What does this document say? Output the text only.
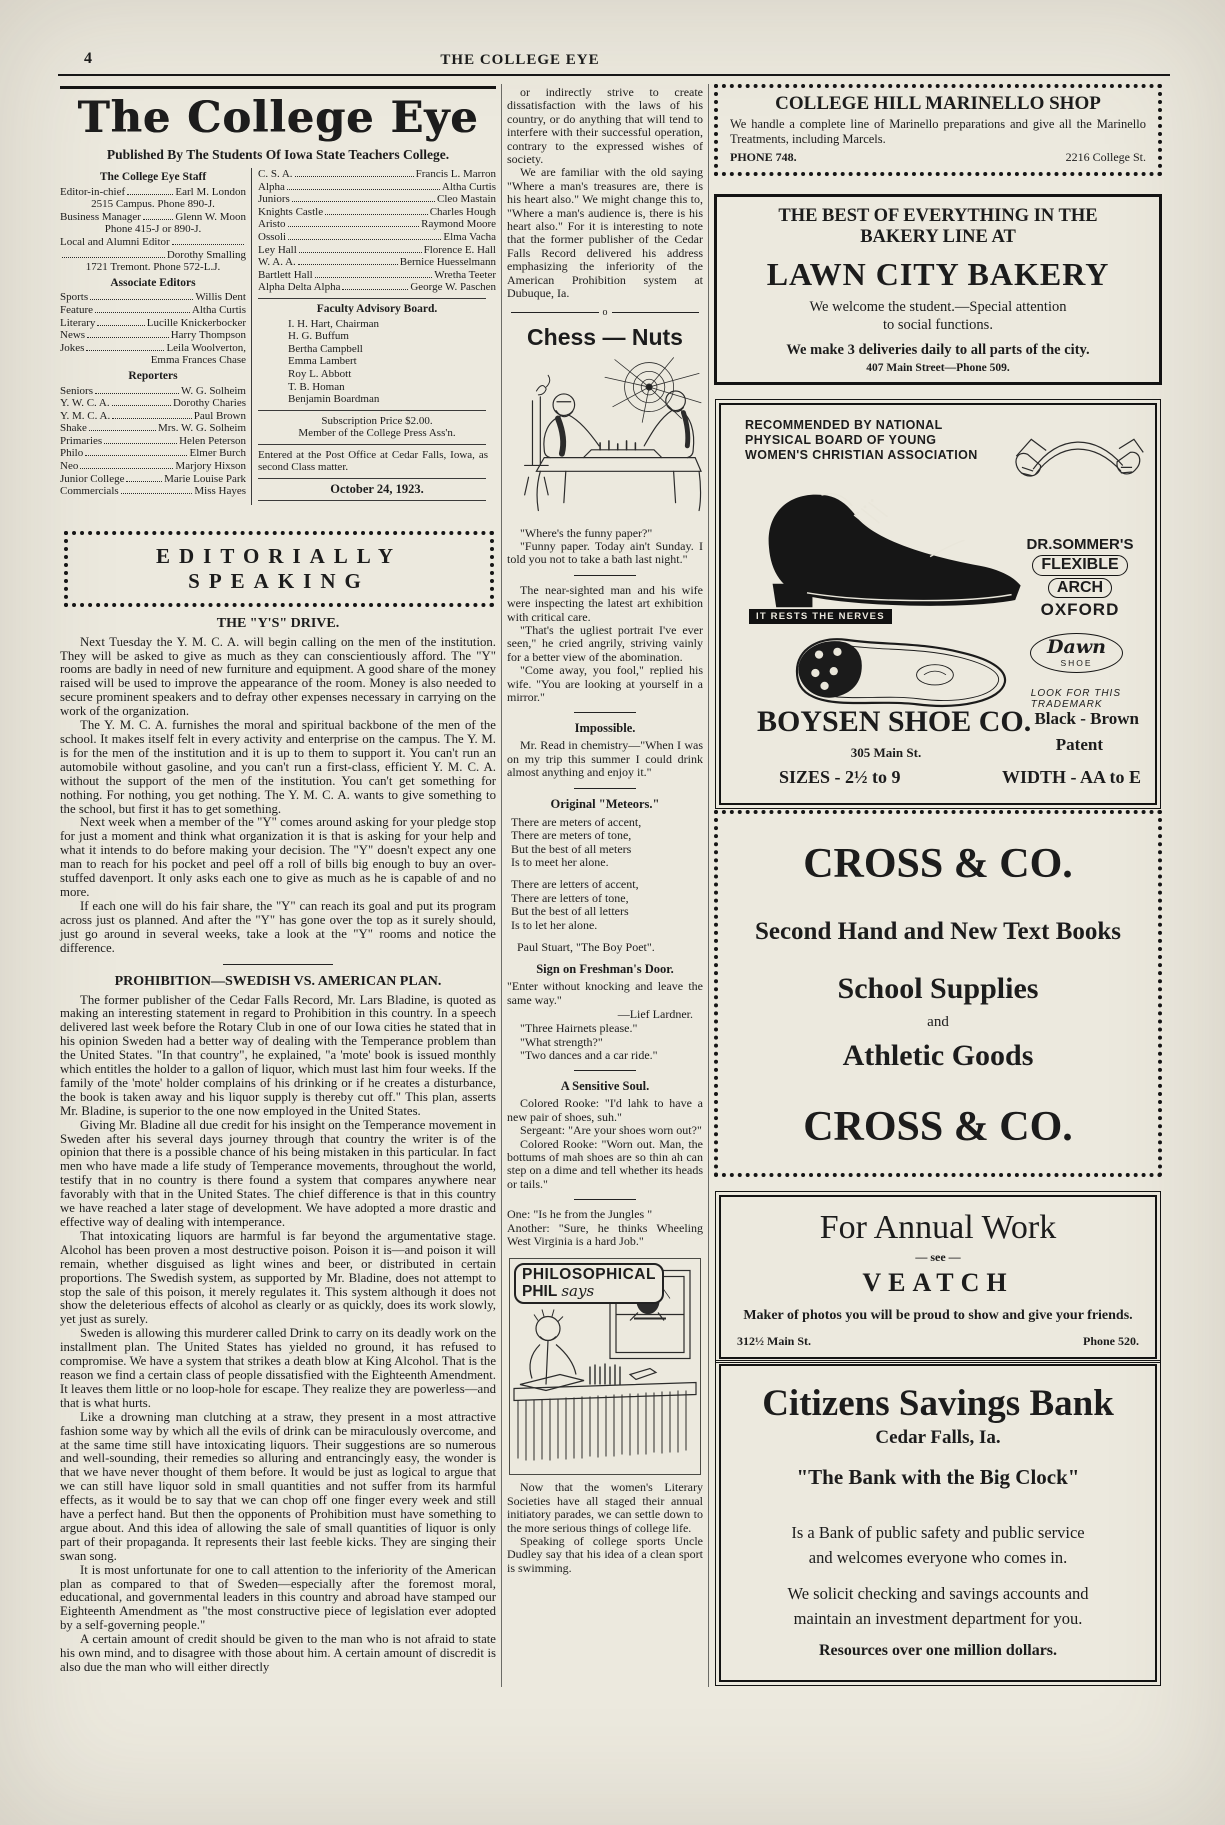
4	THE COLLEGE EYE
The College Eye
Published By The Students Of Iowa State Teachers College.
The College Eye Staff
Editor-in-chief	Earl M. London
2515 Campus. Phone 890-J.
Business Manager	Glenn W. Moon
Phone 415-J or 890-J.
Local and Alumni Editor
Dorothy Smalling
1721 Tremont. Phone 572-L.J.
Associate Editors
Sports	Willis Dent
Feature	Altha Curtis
Literary	Lucille Knickerbocker
News	Harry Thompson
Jokes	Leila Woolverton,
Emma Frances Chase
Reporters
Seniors	W. G. Solheim
Y. W. C. A.	Dorothy Charies
Y. M. C. A.	Paul Brown
Shake	Mrs. W. G. Solheim
Primaries	Helen Peterson
Philo	Elmer Burch
Neo	Marjory Hixson
Junior College	Marie Louise Park
Commercials	Miss Hayes
C. S. A.	Francis L. Marron
Alpha	Altha Curtis
Juniors	Cleo Mastain
Knights Castle	Charles Hough
Aristo	Raymond Moore
Ossoli	Elma Vacha
Ley Hall	Florence E. Hall
W. A. A.	Bernice Huesselmann
Bartlett Hall	Wretha Teeter
Alpha Delta Alpha	George W. Paschen
Faculty Advisory Board.
I. H. Hart, Chairman
H. G. Buffum
Bertha Campbell
Emma Lambert
Roy L. Abbott
T. B. Homan
Benjamin Boardman
Subscription Price $2.00.
Member of the College Press Ass'n.
Entered at the Post Office at Cedar Falls, Iowa, as second Class matter.
October 24, 1923.
EDITORIALLY SPEAKING
THE "Y'S" DRIVE.

Next Tuesday the Y. M. C. A. will begin calling on the men of the institution. They will be asked to give as much as they can conscientiously afford. The "Y" rooms are badly in need of new furniture and equipment. A good share of the money raised will be used to improve the appearance of the room. Money is also needed to secure prominent speakers and to defray other expenses necessary in carrying on the work of the organization.

The Y. M. C. A. furnishes the moral and spiritual backbone of the men of the school. It makes itself felt in every activity and enterprise on the campus. The Y. M. is for the men of the institution and it is up to them to support it. You can't run an automobile without gasoline, and you can't run a first-class, efficient Y. M. C. A. without the support of the men of the institution. You can't get something for nothing. For nothing, you get nothing. The Y. M. C. A. wants to give something to the school, but first it has to get something.

Next week when a member of the "Y" comes around asking for your pledge stop for just a moment and think what organization it is that is asking for your help and what it intends to do before making your decision. The "Y" doesn't expect any one man to reach for his pocket and peel off a roll of bills big enough to buy an over-stuffed davenport. It only asks each one to give as much as he is capable of and no more.

If each one will do his fair share, the "Y" can reach its goal and put its program across just os planned. And after the "Y" has gone over the top as it surely should, just go around in several weeks, take a look at the "Y" rooms and notice the difference.

PROHIBITION—SWEDISH VS. AMERICAN PLAN.

The former publisher of the Cedar Falls Record, Mr. Lars Bladine, is quoted as making an interesting statement in regard to Prohibition in this country. In a speech delivered last week before the Rotary Club in one of our Iowa cities he stated that in his opinion Sweden had a better way of dealing with the Temperance problem than the United States. "In that country", he explained, "a 'mote' book is issued monthly which entitles the holder to a gallon of liquor, which must last him four weeks. If the family of the 'mote' holder complains of his drinking or if he creates a disturbance, the book is taken away and his liquor supply is thereby cut off." This plan, asserts Mr. Bladine, is superior to the one now employed in the United States.

Giving Mr. Bladine all due credit for his insight on the Temperance movement in Sweden after his several days journey through that country the writer is of the opinion that there is a possible chance of his being mistaken in this particular. In fact men who have made a life study of Temperance movements, throughout the world, testify that in no country is there found a system that compares anywhere near favorably with that in the United States. The chief difference is that in this country we have reached a later stage of development. We have adopted a more drastic and effective way of dealing with intemperance.

That intoxicating liquors are harmful is far beyond the argumentative stage. Alcohol has been proven a most destructive poison. Poison it is—and poison it will remain, whether disguised as light wines and beer, or distributed in certain proportions. The Swedish system, as supported by Mr. Bladine, does not attempt to stop the sale of this poison, it merely regulates it. This system although it does not show the deleterious effects of alcohol as clearly or as quickly, does its work slowly, yet just as surely.

Sweden is allowing this murderer called Drink to carry on its deadly work on the installment plan. The United States has yielded no ground, it has refused to compromise. We have a system that strikes a death blow at King Alcohol. That is the reason we find a certain class of people dissatisfied with the Eighteenth Amendment. It leaves them little or no loop-hole for escape. They realize they are powerless—and that is what hurts.

Like a drowning man clutching at a straw, they present in a most attractive fashion some way by which all the evils of drink can be miraculously overcome, and at the same time still have intoxicating liquors. Their suggestions are so numerous and well-sounding, their remedies so alluring and entrancingly easy, the wonder is that we have never thought of them before. It would be just as logical to argue that we can still have liquor sold in small quantities and not suffer from its harmful effects, as it would be to say that we can chop off one finger every week and still have a perfect hand. But then the opponents of Prohibition must have something to argue about. And this idea of allowing the sale of small quantities of liquor is only part of their propaganda. It represents their last feeble kicks. They are singing their swan song.

It is most unfortunate for one to call attention to the inferiority of the American plan as compared to that of Sweden—especially after the foremost moral, educational, and governmental leaders in this country and abroad have stamped our Eighteenth Amendment as "the most constructive piece of legislation ever adopted by a self-governing people."

A certain amount of credit should be given to the man who is not afraid to state his own mind, and to disagree with those about him. A certain amount of discredit is also due the man who will either directly

or indirectly strive to create dissatisfaction with the laws of his country, or do anything that will tend to interfere with their successful operation, contrary to the expressed wishes of society.

We are familiar with the old saying "Where a man's treasures are, there is his heart also." We might change this to, "Where a man's audience is, there is his heart also." For it is interesting to note that the former publisher of the Cedar Falls Record delivered his address emphasizing the inferiority of the American Prohibition system at Dubuque, Ia.

o
Chess — Nuts

"Where's the funny paper?"

"Funny paper. Today ain't Sunday. I told you not to take a bath last night."

The near-sighted man and his wife were inspecting the latest art exhibition with critical care.

"That's the ugliest portrait I've ever seen," he cried angrily, striving vainly for a better view of the abomination.

"Come away, you fool," replied his wife. "You are looking at yourself in a mirror."

Impossible.

Mr. Read in chemistry—"When I was on my trip this summer I could drink almost anything and enjoy it."

Original "Meteors."
There are meters of accent,
There are meters of tone,
But the best of all meters
Is to meet her alone.
There are letters of accent,
There are letters of tone,
But the best of all letters
Is to let her alone.
Paul Stuart, "The Boy Poet".
Sign on Freshman's Door.

"Enter without knocking and leave the same way."

—Lief Lardner.

"Three Hairnets please."

"What strength?"

"Two dances and a car ride."

A Sensitive Soul.

Colored Rooke: "I'd lahk to have a new pair of shoes, suh."

Sergeant: "Are your shoes worn out?"

Colored Rooke: "Worn out. Man, the bottums of mah shoes are so thin ah can step on a dime and tell whether its heads or tails."

One: "Is he from the Jungles "

Another: "Sure, he thinks Wheeling West Virginia is a hard Job."

PHILOSOPHICAL
PHIL says

Now that the women's Literary Societies have all staged their annual initiatory parades, we can settle down to the more serious things of college life.

Speaking of college sports Uncle Dudley say that his idea of a clean sport is swimming.

COLLEGE HILL MARINELLO SHOP
We handle a complete line of Marinello preparations and give all the Marinello Treatments, including Marcels.
PHONE 748.	2216 College St.
THE BEST OF EVERYTHING IN THE
BAKERY LINE AT
LAWN CITY BAKERY
We welcome the student.—Special attention
to social functions.
We make 3 deliveries daily to all parts of the city.
407 Main Street—Phone 509.
RECOMMENDED BY NATIONAL
PHYSICAL BOARD OF YOUNG
WOMEN'S CHRISTIAN ASSOCIATION
IT RESTS THE NERVES
DR.SOMMER'S
FLEXIBLE
ARCH
OXFORD
Dawn
SHOE
LOOK FOR THIS
TRADEMARK
BOYSEN SHOE CO.
305 Main St.
Black - Brown
Patent
SIZES - 2½ to 9	WIDTH - AA to E
CROSS & CO.
Second Hand and New Text Books
School Supplies
and
Athletic Goods
CROSS & CO.
For Annual Work
— see —
VEATCH
Maker of photos you will be proud to show and give your friends.
312½ Main St.	Phone 520.
Citizens Savings Bank
Cedar Falls, Ia.
"The Bank with the Big Clock"
Is a Bank of public safety and public service
and welcomes everyone who comes in.
We solicit checking and savings accounts and
maintain an investment department for you.
Resources over one million dollars.
